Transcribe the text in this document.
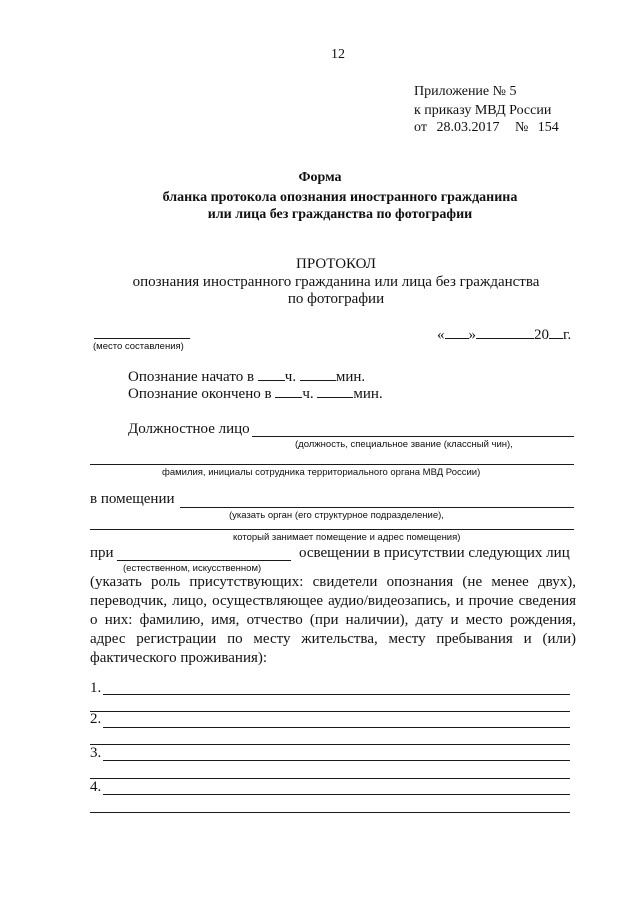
12
Приложение № 5
к приказу МВД России
от 28.03.2017 № 154
Форма
бланка протокола опознания иностранного гражданина
или лица без гражданства по фотографии
ПРОТОКОЛ
опознания иностранного гражданина или лица без гражданства
по фотографии
(место составления)
« »	20 г.
Опознание начато в ч.	мин.
Опознание окончено в ч.	мин.
Должностное лицо
(должность, специальное звание (классный чин),
фамилия, инициалы сотрудника территориального органа МВД России)
в помещении
(указать орган (его структурное подразделение),
который занимает помещение и адрес помещения)
при	освещении в присутствии следующих лиц
(естественном, искусственном)
(указать роль присутствующих: свидетели опознания (не менее двух),
переводчик, лицо, осуществляющее аудио/видеозапись, и прочие сведения
о них: фамилию, имя, отчество (при наличии), дату и место рождения,
адрес регистрации по месту жительства, месту пребывания и (или)
фактического проживания):
1.
2.
3.
4.
